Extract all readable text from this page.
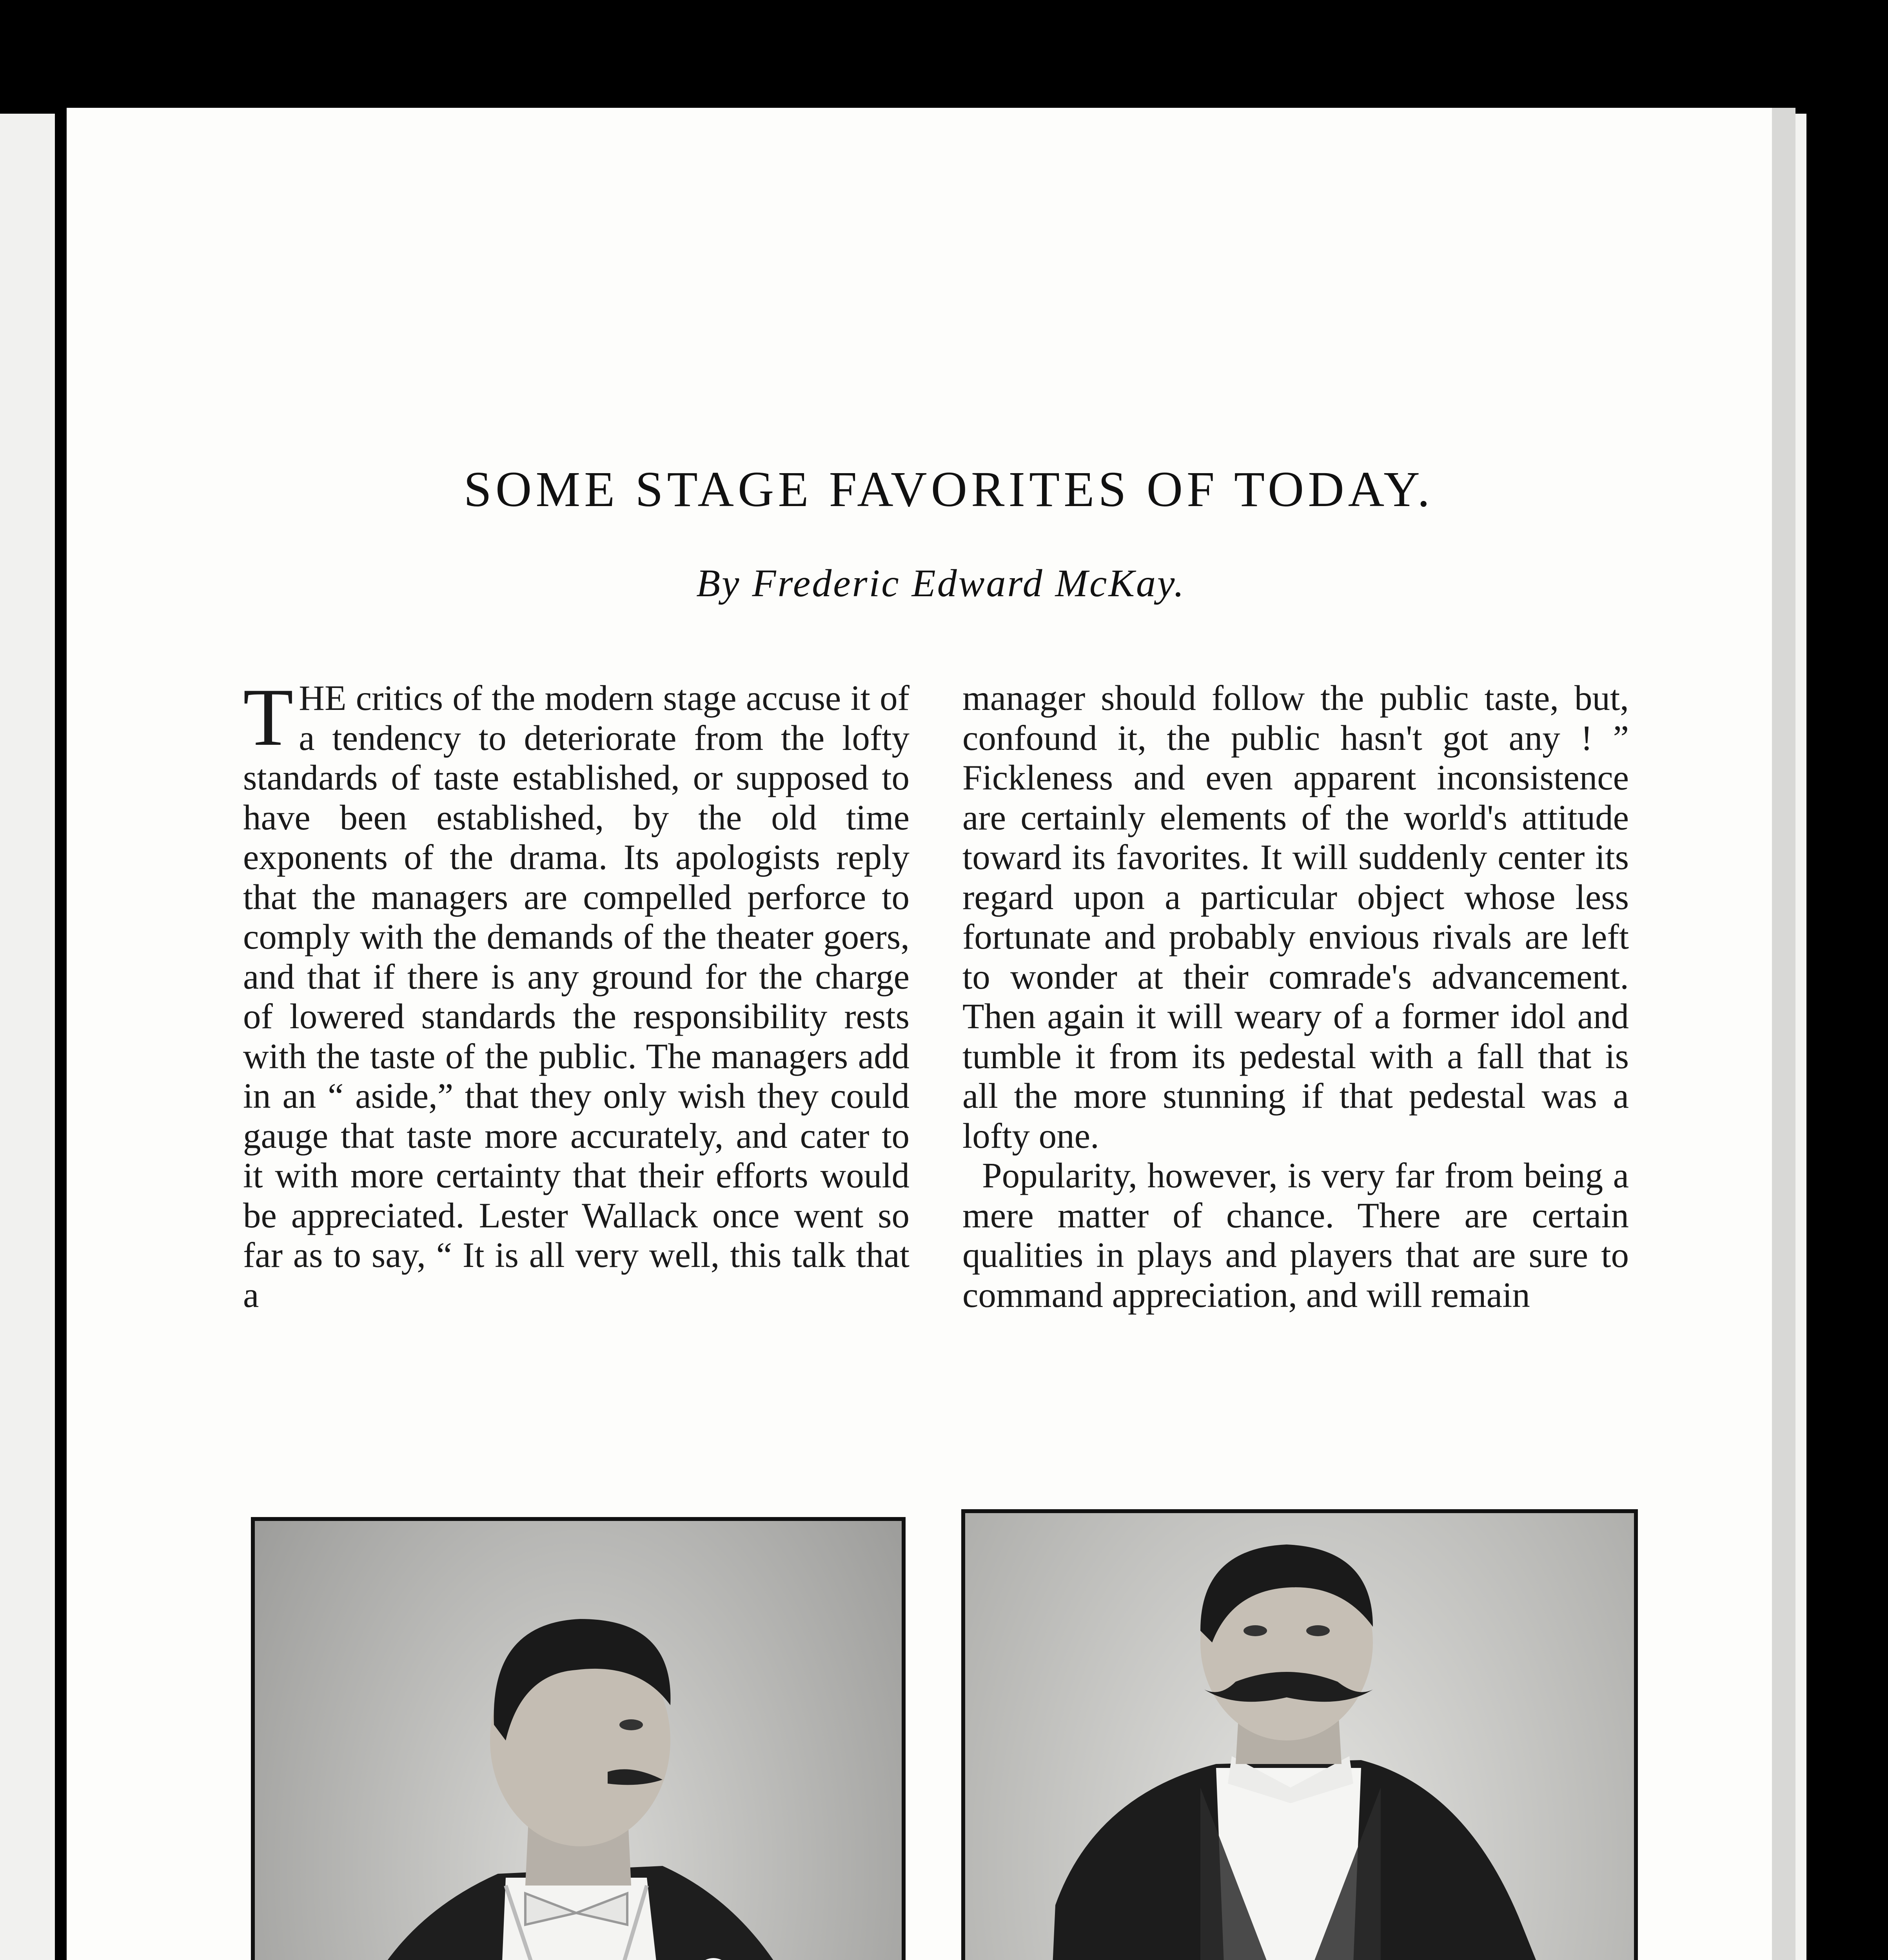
SOME STAGE FAVORITES OF TODAY.
By Frederic Edward McKay.

THE critics of the modern stage accuse it of a tendency to deteriorate from the lofty standards of taste established, or supposed to have been established, by the old time exponents of the drama. Its apologists reply that the managers are compelled perforce to comply with the demands of the theater goers, and that if there is any ground for the charge of lowered standards the responsibility rests with the taste of the public. The managers add in an “ aside,” that they only wish they could gauge that taste more accurately, and cater to it with more certainty that their efforts would be appreciated. Lester Wallack once went so far as to say, “ It is all very well, this talk that a

manager should follow the public taste, but, confound it, the public hasn't got any ! ” Fickleness and even apparent inconsistence are certainly elements of the world's attitude toward its favorites. It will suddenly center its regard upon a particular object whose less fortunate and probably envious rivals are left to wonder at their comrade's advancement. Then again it will weary of a former idol and tumble it from its pedestal with a fall that is all the more stunning if that pedestal was a lofty one.

Popularity, however, is very far from being a mere matter of chance. There are certain qualities in plays and players that are sure to command appreciation, and will remain
